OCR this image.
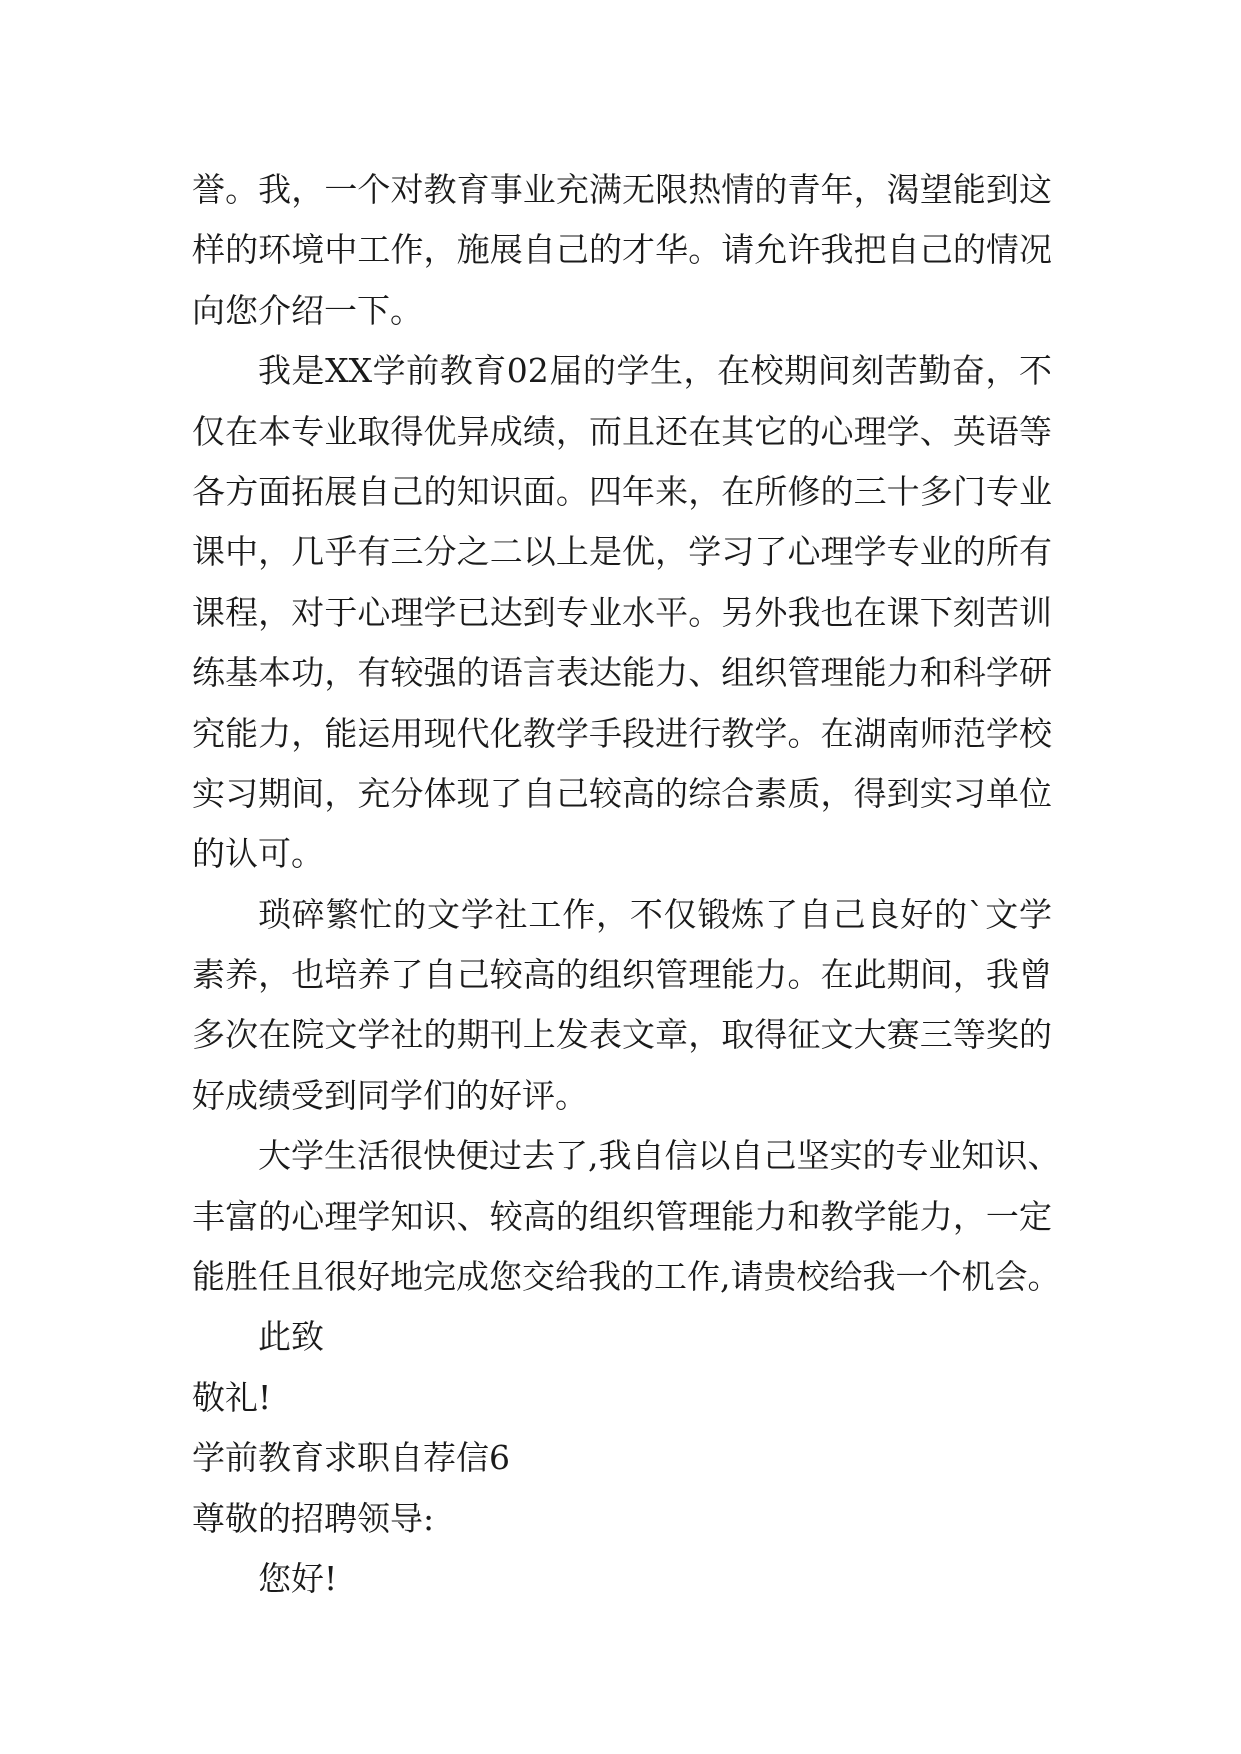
誉。我，一个对教育事业充满无限热情的青年，渴望能到这
样的环境中工作，施展自己的才华。请允许我把自己的情况
向您介绍一下。
我是XX学前教育02届的学生，在校期间刻苦勤奋，不
仅在本专业取得优异成绩，而且还在其它的心理学、英语等
各方面拓展自己的知识面。四年来，在所修的三十多门专业
课中，几乎有三分之二以上是优，学习了心理学专业的所有
课程，对于心理学已达到专业水平。另外我也在课下刻苦训
练基本功，有较强的语言表达能力、组织管理能力和科学研
究能力，能运用现代化教学手段进行教学。在湖南师范学校
实习期间，充分体现了自己较高的综合素质，得到实习单位
的认可。
琐碎繁忙的文学社工作，不仅锻炼了自己良好的`文学
素养，也培养了自己较高的组织管理能力。在此期间，我曾
多次在院文学社的期刊上发表文章，取得征文大赛三等奖的
好成绩受到同学们的好评。
大学生活很快便过去了,我自信以自己坚实的专业知识、
丰富的心理学知识、较高的组织管理能力和教学能力，一定
能胜任且很好地完成您交给我的工作,请贵校给我一个机会。
此致
敬礼!
学前教育求职自荐信6
尊敬的招聘领导:
您好!
